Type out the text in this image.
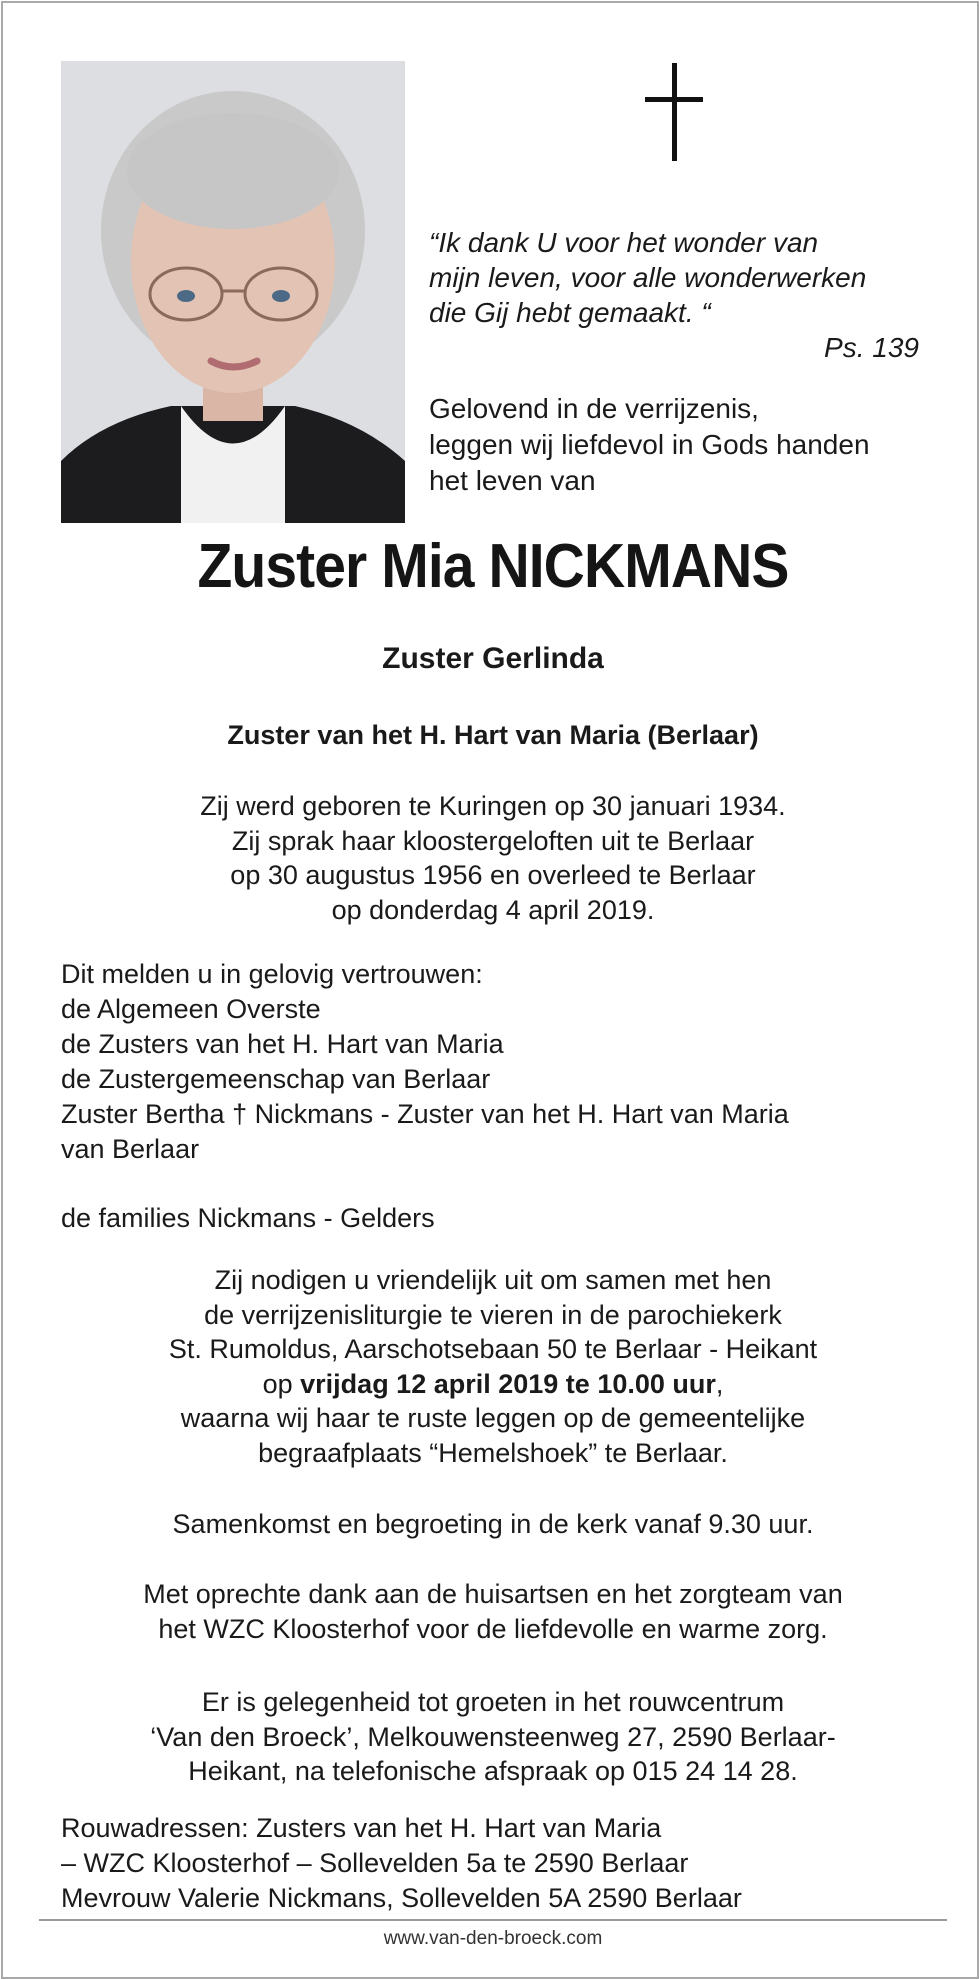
“Ik dank U voor het wonder van
mijn leven, voor alle wonderwerken
die Gij hebt gemaakt. “
Ps. 139
Gelovend in de verrijzenis,
leggen wij liefdevol in Gods handen
het leven van
Zuster Mia NICKMANS
Zuster Gerlinda
Zuster van het H. Hart van Maria (Berlaar)
Zij werd geboren te Kuringen op 30 januari 1934.
Zij sprak haar kloostergeloften uit te Berlaar
op 30 augustus 1956 en overleed te Berlaar
op donderdag 4 april 2019.
Dit melden u in gelovig vertrouwen:
de Algemeen Overste
de Zusters van het H. Hart van Maria
de Zustergemeenschap van Berlaar
Zuster Bertha † Nickmans - Zuster van het H. Hart van Maria
van Berlaar
de families Nickmans - Gelders
Zij nodigen u vriendelijk uit om samen met hen
de verrijzenisliturgie te vieren in de parochiekerk
St. Rumoldus, Aarschotsebaan 50 te Berlaar - Heikant
op vrijdag 12 april 2019 te 10.00 uur,
waarna wij haar te ruste leggen op de gemeentelijke
begraafplaats “Hemelshoek” te Berlaar.
Samenkomst en begroeting in de kerk vanaf 9.30 uur.
Met oprechte dank aan de huisartsen en het zorgteam van
het WZC Kloosterhof voor de liefdevolle en warme zorg.
Er is gelegenheid tot groeten in het rouwcentrum
‘Van den Broeck’, Melkouwensteenweg 27, 2590 Berlaar-
Heikant, na telefonische afspraak op 015 24 14 28.
Rouwadressen: Zusters van het H. Hart van Maria
– WZC Kloosterhof – Sollevelden 5a te 2590 Berlaar
Mevrouw Valerie Nickmans, Sollevelden 5A 2590 Berlaar
www.van-den-broeck.com
